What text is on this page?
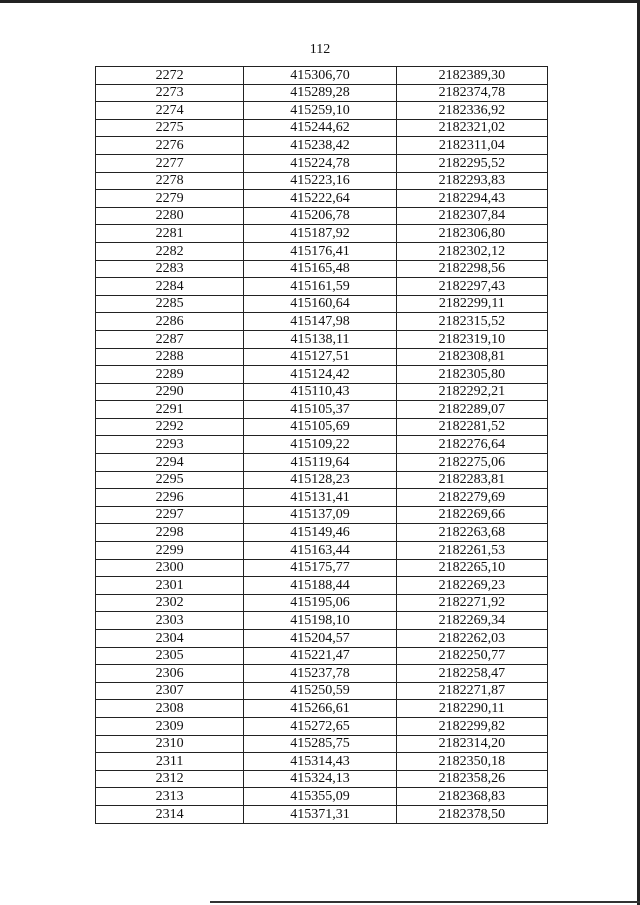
112
2272	415306,70	2182389,30
2273	415289,28	2182374,78
2274	415259,10	2182336,92
2275	415244,62	2182321,02
2276	415238,42	2182311,04
2277	415224,78	2182295,52
2278	415223,16	2182293,83
2279	415222,64	2182294,43
2280	415206,78	2182307,84
2281	415187,92	2182306,80
2282	415176,41	2182302,12
2283	415165,48	2182298,56
2284	415161,59	2182297,43
2285	415160,64	2182299,11
2286	415147,98	2182315,52
2287	415138,11	2182319,10
2288	415127,51	2182308,81
2289	415124,42	2182305,80
2290	415110,43	2182292,21
2291	415105,37	2182289,07
2292	415105,69	2182281,52
2293	415109,22	2182276,64
2294	415119,64	2182275,06
2295	415128,23	2182283,81
2296	415131,41	2182279,69
2297	415137,09	2182269,66
2298	415149,46	2182263,68
2299	415163,44	2182261,53
2300	415175,77	2182265,10
2301	415188,44	2182269,23
2302	415195,06	2182271,92
2303	415198,10	2182269,34
2304	415204,57	2182262,03
2305	415221,47	2182250,77
2306	415237,78	2182258,47
2307	415250,59	2182271,87
2308	415266,61	2182290,11
2309	415272,65	2182299,82
2310	415285,75	2182314,20
2311	415314,43	2182350,18
2312	415324,13	2182358,26
2313	415355,09	2182368,83
2314	415371,31	2182378,50
